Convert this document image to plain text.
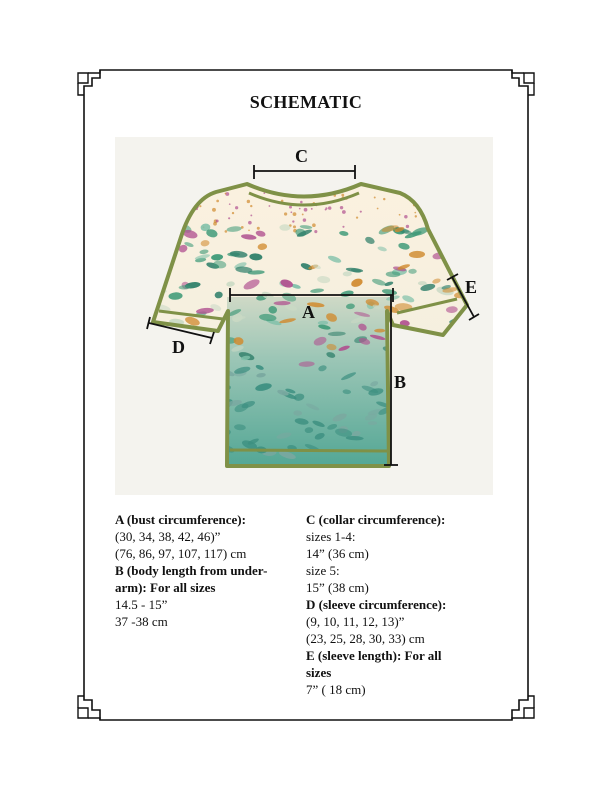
SCHEMATIC
C
A
B
D
E
A (bust circumference):
(30, 34, 38, 42, 46)”
(76, 86, 97, 107, 117) cm
B (body length from under-
arm): For all sizes
14.5 - 15”
37 -38 cm
C (collar circumference):
sizes 1-4:
14” (36 cm)
size 5:
15” (38 cm)
D (sleeve circumference):
(9, 10, 11, 12, 13)”
(23, 25, 28, 30, 33) cm
E (sleeve length): For all
sizes
7” ( 18 cm)
